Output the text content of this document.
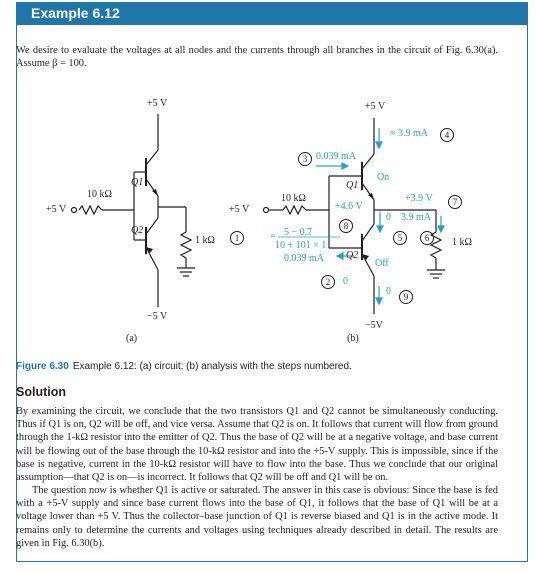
Example 6.12

We desire to evaluate the voltages at all nodes and the currents through all branches in the circuit of Fig. 6.30(a). Assume β = 100.

+5 V
−5 V
+5 V
10 kΩ
Q1
Q2
1 kΩ
(a)
+5 V
−5V
+5 V
10 kΩ
Q1
Q2
1 kΩ
(b)
On
Off
0.039 mA
+4.6 V
+3.9 V
≈ 3.9 mA
3.9 mA
0
0
0
5 − 0.7
=
10 + 101 × 1
0.039 mA
1
2
3
4
5	6
7
8
9
Figure 6.30 Example 6.12: (a) circuit; (b) analysis with the steps numbered.
Solution

By examining the circuit, we conclude that the two transistors Q1 and Q2 cannot be simultaneously conducting. Thus if Q1 is on, Q2 will be off, and vice versa. Assume that Q2 is on. It follows that current will flow from ground through the 1-kΩ resistor into the emitter of Q2. Thus the base of Q2 will be at a negative voltage, and base current will be flowing out of the base through the 10-kΩ resistor and into the +5-V supply. This is impossible, since if the base is negative, current in the 10-kΩ resistor will have to flow into the base. Thus we conclude that our original assumption—that Q2 is on—is incorrect. It follows that Q2 will be off and Q1 will be on.

The question now is whether Q1 is active or saturated. The answer in this case is obvious: Since the base is fed with a +5-V supply and since base current flows into the base of Q1, it follows that the base of Q1 will be at a voltage lower than +5 V. Thus the collector–base junction of Q1 is reverse biased and Q1 is in the active mode. It remains only to determine the currents and voltages using techniques already described in detail. The results are given in Fig. 6.30(b).
